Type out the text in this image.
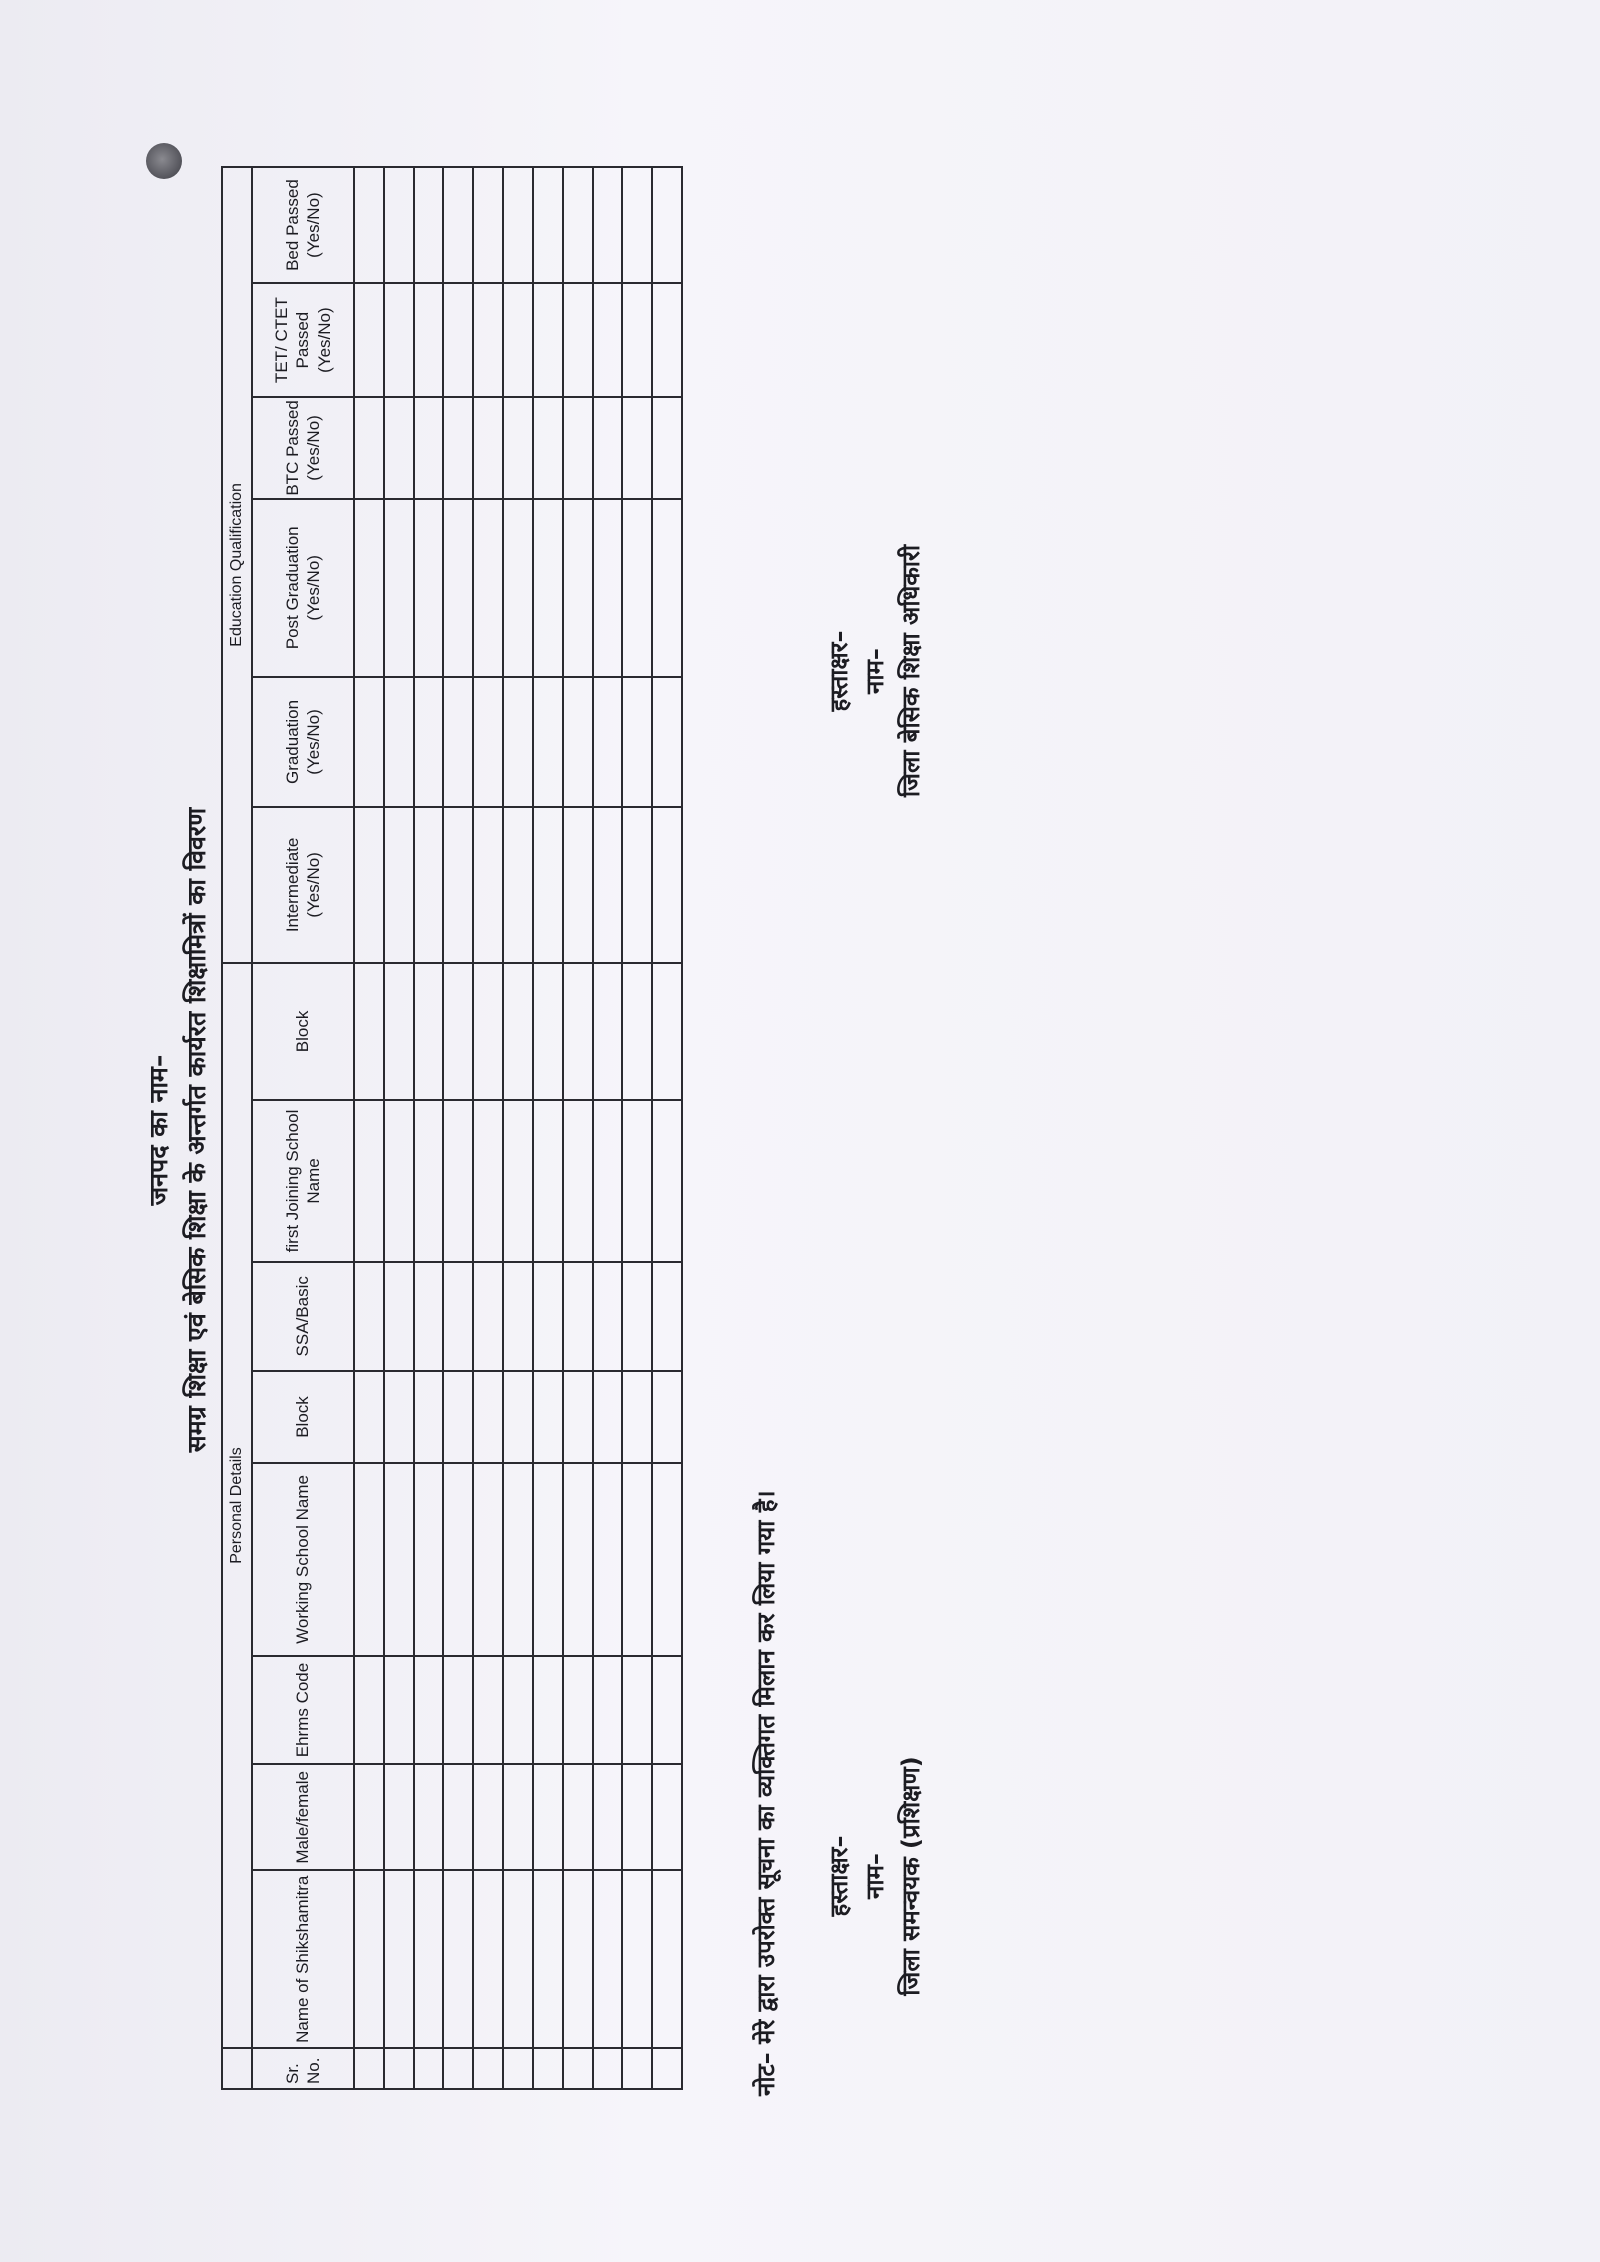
जनपद का नाम– समग्र शिक्षा एवं बेसिक शिक्षा के अन्तर्गत कार्यरत शिक्षामित्रों का विवरण
	Personal Details								Education Qualification					
Sr. No.	Name of Shikshamitra	Male/female	Ehrms Code	Working School Name	Block	SSA/Basic	first Joining School Name	Block	Intermediate (Yes/No)	Graduation (Yes/No)	Post Graduation (Yes/No)	BTC Passed (Yes/No)	TET/ CTET Passed (Yes/No)	Bed Passed (Yes/No)

नोट– मेरे द्वारा उपरोक्त सूचना का व्यक्तिगत मिलान कर लिया गया है। हस्ताक्षर– नाम– जिला समन्वयक (प्रशिक्षण)
हस्ताक्षर– नाम– जिला बेसिक शिक्षा अधिकारी
